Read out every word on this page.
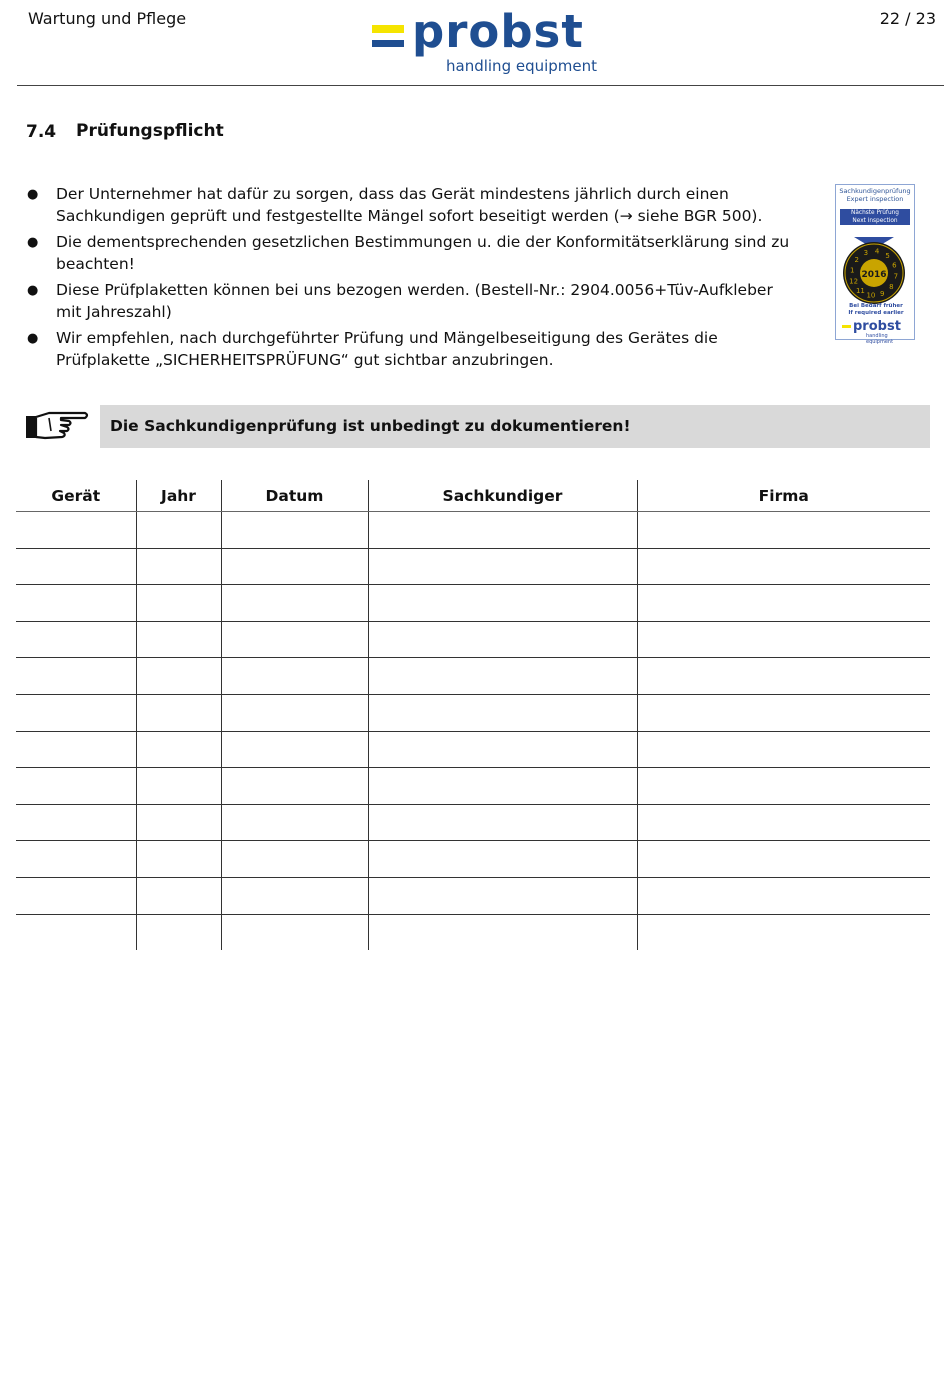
Wartung und Pflege	22 / 23
probst
handling equipment
7.4 Prüfungspflicht
● Der Unternehmer hat dafür zu sorgen, dass das Gerät mindestens jährlich durch einen Sachkundigen geprüft und festgestellte Mängel sofort beseitigt werden (→ siehe BGR 500).
● Die dementsprechenden gesetzlichen Bestimmungen u. die der Konformitätserklärung sind zu beachten!
● Diese Prüfplaketten können bei uns bezogen werden. (Bestell-Nr.: 2904.0056+Tüv-Aufkleber mit Jahreszahl)
● Wir empfehlen, nach durchgeführter Prüfung und Mängelbeseitigung des Gerätes die Prüfplakette „SICHERHEITSPRÜFUNG“ gut sichtbar anzubringen.
Sachkundigenprüfung
Expert inspection
Nächste Prüfung
Next inspection
2016
1
2
3 4
5
6
7
8
9
10
11
12
Bei Bedarf früher
If required earlier
probst
handling equipment
Die Sachkundigenprüfung ist unbedingt zu dokumentieren!
Gerät	Jahr	Datum	Sachkundiger	Firma
